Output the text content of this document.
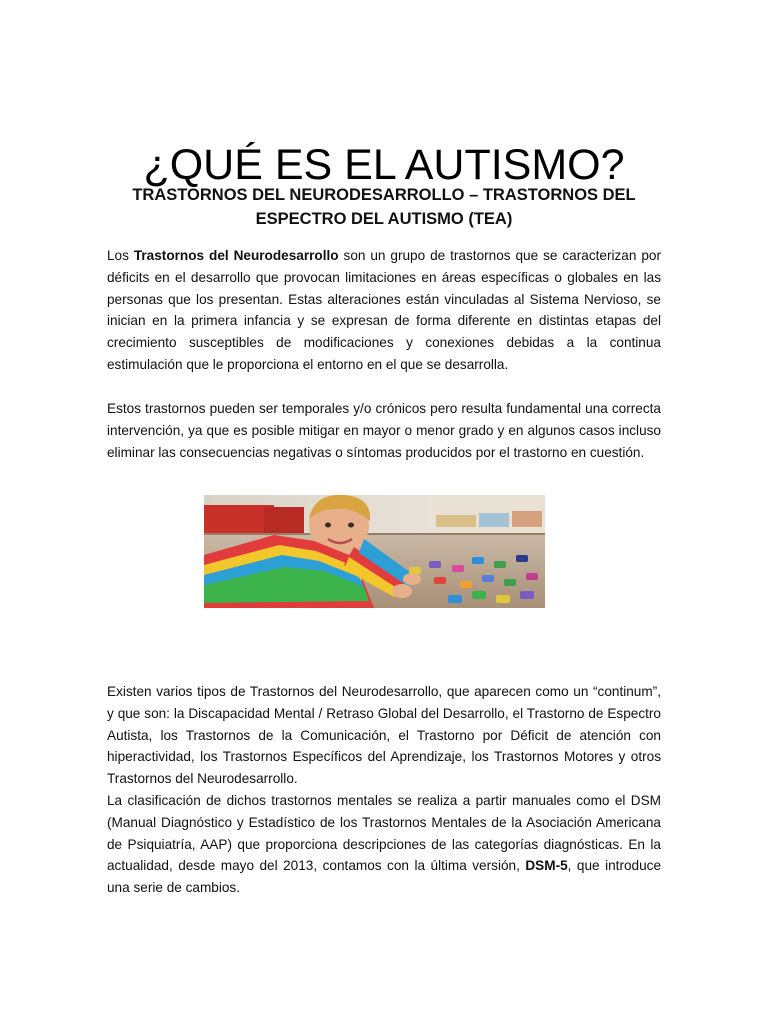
¿QUÉ ES EL AUTISMO?
TRASTORNOS DEL NEURODESARROLLO – TRASTORNOS DEL ESPECTRO DEL AUTISMO (TEA)

Los Trastornos del Neurodesarrollo son un grupo de trastornos que se caracterizan por déficits en el desarrollo que provocan limitaciones en áreas específicas o globales en las personas que los presentan. Estas alteraciones están vinculadas al Sistema Nervioso, se inician en la primera infancia y se expresan de forma diferente en distintas etapas del crecimiento susceptibles de modificaciones y conexiones debidas a la continua estimulación que le proporciona el entorno en el que se desarrolla.

Estos trastornos pueden ser temporales y/o crónicos pero resulta fundamental una correcta intervención, ya que es posible mitigar en mayor o menor grado y en algunos casos incluso eliminar las consecuencias negativas o síntomas producidos por el trastorno en cuestión.

Existen varios tipos de Trastornos del Neurodesarrollo, que aparecen como un “continum”, y que son: la Discapacidad Mental / Retraso Global del Desarrollo, el Trastorno de Espectro Autista, los Trastornos de la Comunicación, el Trastorno por Déficit de atención con hiperactividad, los Trastornos Específicos del Aprendizaje, los Trastornos Motores y otros Trastornos del Neurodesarrollo.

La clasificación de dichos trastornos mentales se realiza a partir manuales como el DSM (Manual Diagnóstico y Estadístico de los Trastornos Mentales de la Asociación Americana de Psiquiatría, AAP) que proporciona descripciones de las categorías diagnósticas. En la actualidad, desde mayo del 2013, contamos con la última versión, DSM-5, que introduce una serie de cambios.
